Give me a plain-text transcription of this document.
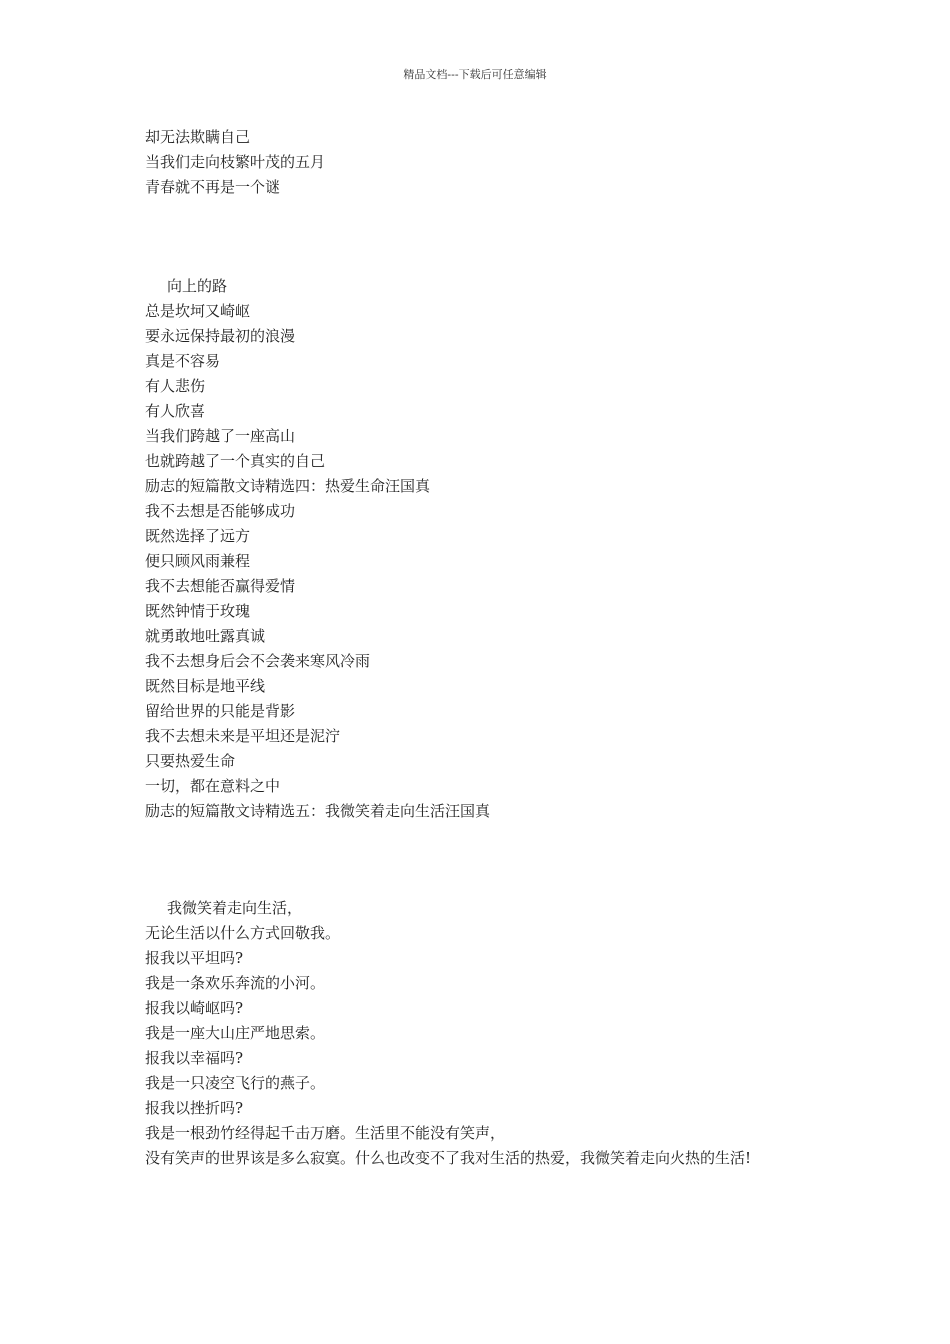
精品文档---下载后可任意编辑
却无法欺瞒自己
当我们走向枝繁叶茂的五月
青春就不再是一个谜
向上的路
总是坎坷又崎岖
要永远保持最初的浪漫
真是不容易
有人悲伤
有人欣喜
当我们跨越了一座高山
也就跨越了一个真实的自己
励志的短篇散文诗精选四：热爱生命汪国真
我不去想是否能够成功
既然选择了远方
便只顾风雨兼程
我不去想能否赢得爱情
既然钟情于玫瑰
就勇敢地吐露真诚
我不去想身后会不会袭来寒风冷雨
既然目标是地平线
留给世界的只能是背影
我不去想未来是平坦还是泥泞
只要热爱生命
一切，都在意料之中
励志的短篇散文诗精选五：我微笑着走向生活汪国真
我微笑着走向生活，
无论生活以什么方式回敬我。
报我以平坦吗?
我是一条欢乐奔流的小河。
报我以崎岖吗?
我是一座大山庄严地思索。
报我以幸福吗?
我是一只凌空飞行的燕子。
报我以挫折吗?
我是一根劲竹经得起千击万磨。生活里不能没有笑声，
没有笑声的世界该是多么寂寞。什么也改变不了我对生活的热爱，我微笑着走向火热的生活!
